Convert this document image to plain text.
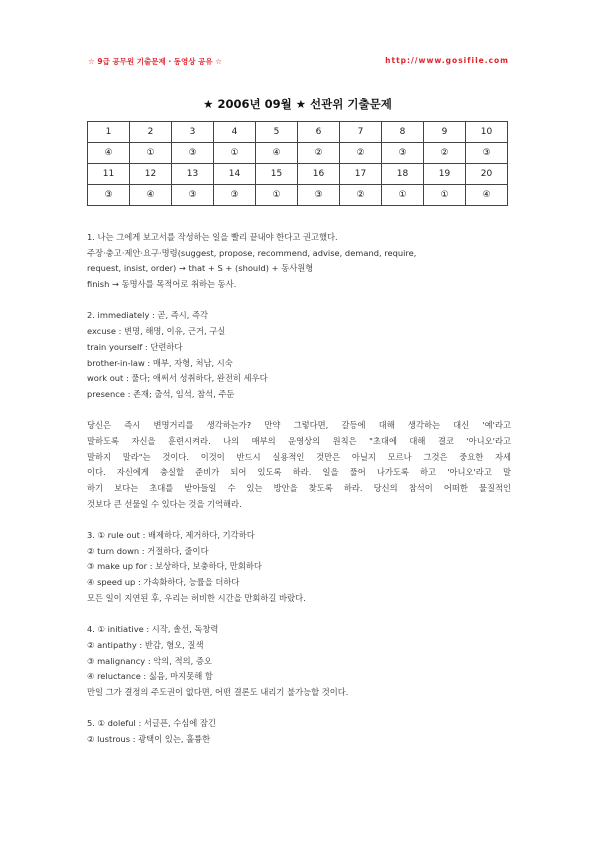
☆ 9급 공무원 기출문제 · 동영상 공유 ☆	http://www.gosifile.com
★ 2006년 09월 ★ 선관위 기출문제
1	2	3	4	5	6	7	8	9	10
④	①	③	①	④	②	②	③	②	③
11	12	13	14	15	16	17	18	19	20
③	④	③	③	①	③	②	①	①	④
1. 나는 그에게 보고서를 작성하는 일을 빨리 끝내야 한다고 권고했다.
주장·충고·제안·요구·명령(suggest, propose, recommend, advise, demand, require,
request, insist, order) → that + S + (should) + 동사원형
finish → 동명사를 목적어로 취하는 동사.
2. immediately : 곧, 즉시, 즉각
excuse : 변명, 해명, 이유, 근거, 구실
train yourself : 단련하다
brother-in-law : 매부, 자형, 처남, 시숙
work out : 풀다; 애써서 성취하다, 완전히 세우다
presence : 존재; 출석, 임석, 참석, 주둔
당신은 즉시 변명거리를 생각하는가? 만약 그렇다면, 갈등에 대해 생각하는 대신 '예'라고
말하도록 자신을 훈련시켜라. 나의 매부의 운영상의 원칙은 "초대에 대해 결코 '아니오'라고
말하지 말라"는 것이다. 이것이 반드시 실용적인 것만은 아닐지 모르나 그것은 중요한 자세
이다. 자신에게 충실할 준비가 되어 있도록 하라. 일을 풀어 나가도록 하고 '아니오'라고 말
하기 보다는 초대를 받아들일 수 있는 방안을 찾도록 하라. 당신의 참석이 어떠한 물질적인
것보다 큰 선물일 수 있다는 것을 기억해라.
3. ① rule out : 배제하다, 제거하다, 기각하다
② turn down : 거절하다, 줄이다
③ make up for : 보상하다, 보충하다, 만회하다
④ speed up : 가속화하다, 능률을 더하다
모든 일이 지연된 후, 우리는 허비한 시간을 만회하길 바랐다.
4. ① initiative : 시작, 솔선, 독창력
② antipathy : 반감, 혐오, 질색
③ malignancy : 악의, 적의, 증오
④ reluctance : 싫음, 마지못해 함
만일 그가 결정의 주도권이 없다면, 어떤 결론도 내리기 불가능할 것이다.
5. ① doleful : 서글픈, 수심에 잠긴
② lustrous : 광택이 있는, 훌륭한
